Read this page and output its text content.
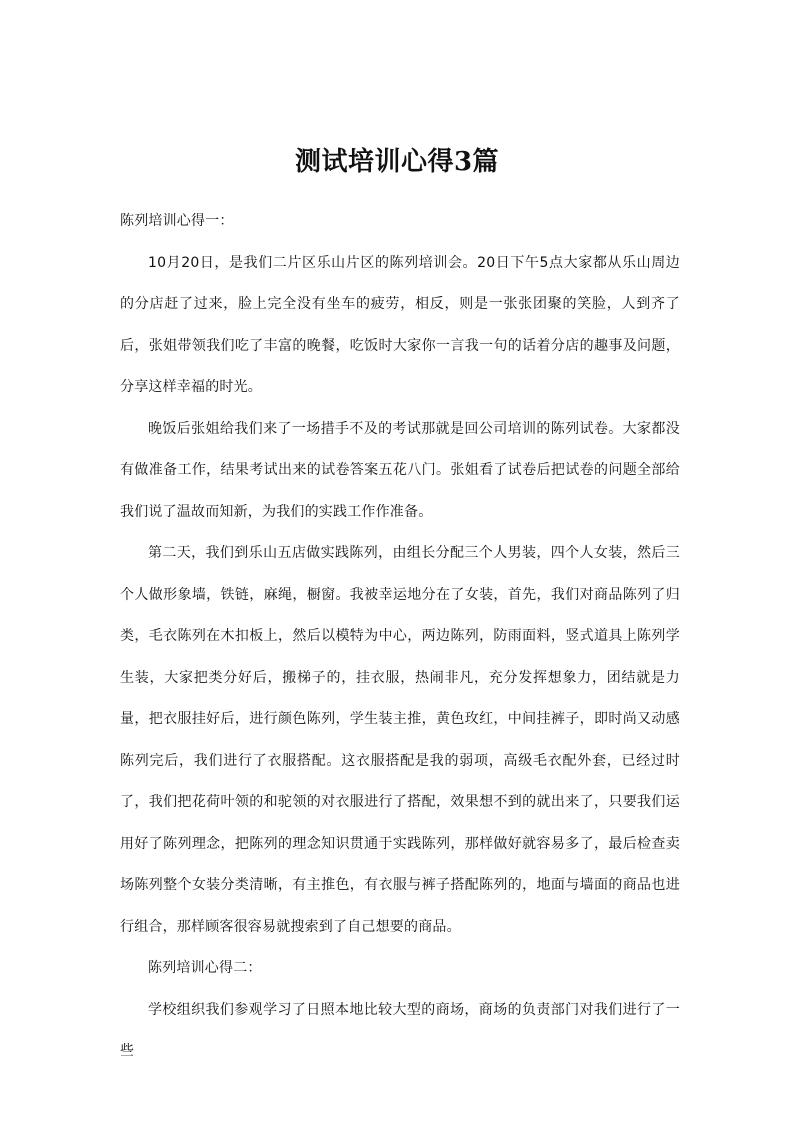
测试培训心得3篇

陈列培训心得一：

10月20日，是我们二片区乐山片区的陈列培训会。20日下午5点大家都从乐山周边的分店赶了过来，脸上完全没有坐车的疲劳，相反，则是一张张团聚的笑脸，人到齐了后，张姐带领我们吃了丰富的晚餐，吃饭时大家你一言我一句的话着分店的趣事及问题，分享这样幸福的时光。

晚饭后张姐给我们来了一场措手不及的考试那就是回公司培训的陈列试卷。大家都没有做准备工作，结果考试出来的试卷答案五花八门。张姐看了试卷后把试卷的问题全部给我们说了温故而知新，为我们的实践工作作准备。

第二天，我们到乐山五店做实践陈列，由组长分配三个人男装，四个人女装，然后三个人做形象墙，铁链，麻绳，橱窗。我被幸运地分在了女装，首先，我们对商品陈列了归类，毛衣陈列在木扣板上，然后以模特为中心，两边陈列，防雨面料，竖式道具上陈列学生装，大家把类分好后，搬梯子的，挂衣服，热闹非凡，充分发挥想象力，团结就是力量，把衣服挂好后，进行颜色陈列，学生装主推，黄色玫红，中间挂裤子，即时尚又动感陈列完后，我们进行了衣服搭配。这衣服搭配是我的弱项，高级毛衣配外套，已经过时了，我们把花荷叶领的和驼领的对衣服进行了搭配，效果想不到的就出来了，只要我们运用好了陈列理念，把陈列的理念知识贯通于实践陈列，那样做好就容易多了，最后检查卖场陈列整个女装分类清晰，有主推色，有衣服与裤子搭配陈列的，地面与墙面的商品也进行组合，那样顾客很容易就搜索到了自己想要的商品。

陈列培训心得二：

学校组织我们参观学习了日照本地比较大型的商场，商场的负责部门对我们进行了一些
